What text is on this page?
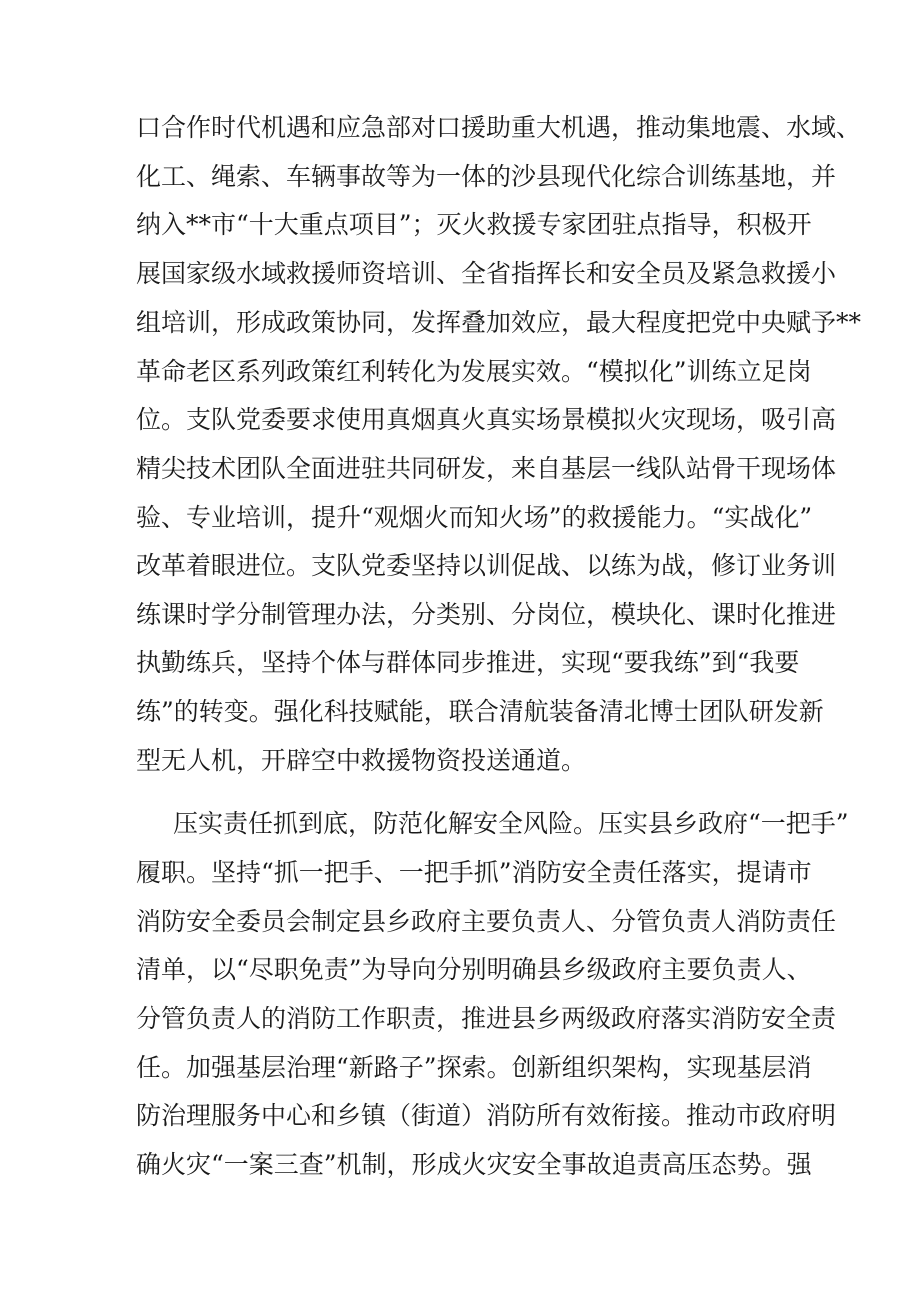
口合作时代机遇和应急部对口援助重大机遇，推动集地震、水域、
化工、绳索、车辆事故等为一体的沙县现代化综合训练基地，并
纳入**市“十大重点项目”；灭火救援专家团驻点指导，积极开
展国家级水域救援师资培训、全省指挥长和安全员及紧急救援小
组培训，形成政策协同，发挥叠加效应，最大程度把党中央赋予**
革命老区系列政策红利转化为发展实效。“模拟化”训练立足岗
位。支队党委要求使用真烟真火真实场景模拟火灾现场，吸引高
精尖技术团队全面进驻共同研发，来自基层一线队站骨干现场体
验、专业培训，提升“观烟火而知火场”的救援能力。“实战化”
改革着眼进位。支队党委坚持以训促战、以练为战，修订业务训
练课时学分制管理办法，分类别、分岗位，模块化、课时化推进
执勤练兵，坚持个体与群体同步推进，实现“要我练”到“我要
练”的转变。强化科技赋能，联合清航装备清北博士团队研发新
型无人机，开辟空中救援物资投送通道。
压实责任抓到底，防范化解安全风险。压实县乡政府“一把手”
履职。坚持“抓一把手、一把手抓”消防安全责任落实，提请市
消防安全委员会制定县乡政府主要负责人、分管负责人消防责任
清单，以“尽职免责”为导向分别明确县乡级政府主要负责人、
分管负责人的消防工作职责，推进县乡两级政府落实消防安全责
任。加强基层治理“新路子”探索。创新组织架构，实现基层消
防治理服务中心和乡镇（街道）消防所有效衔接。推动市政府明
确火灾“一案三查”机制，形成火灾安全事故追责高压态势。强
